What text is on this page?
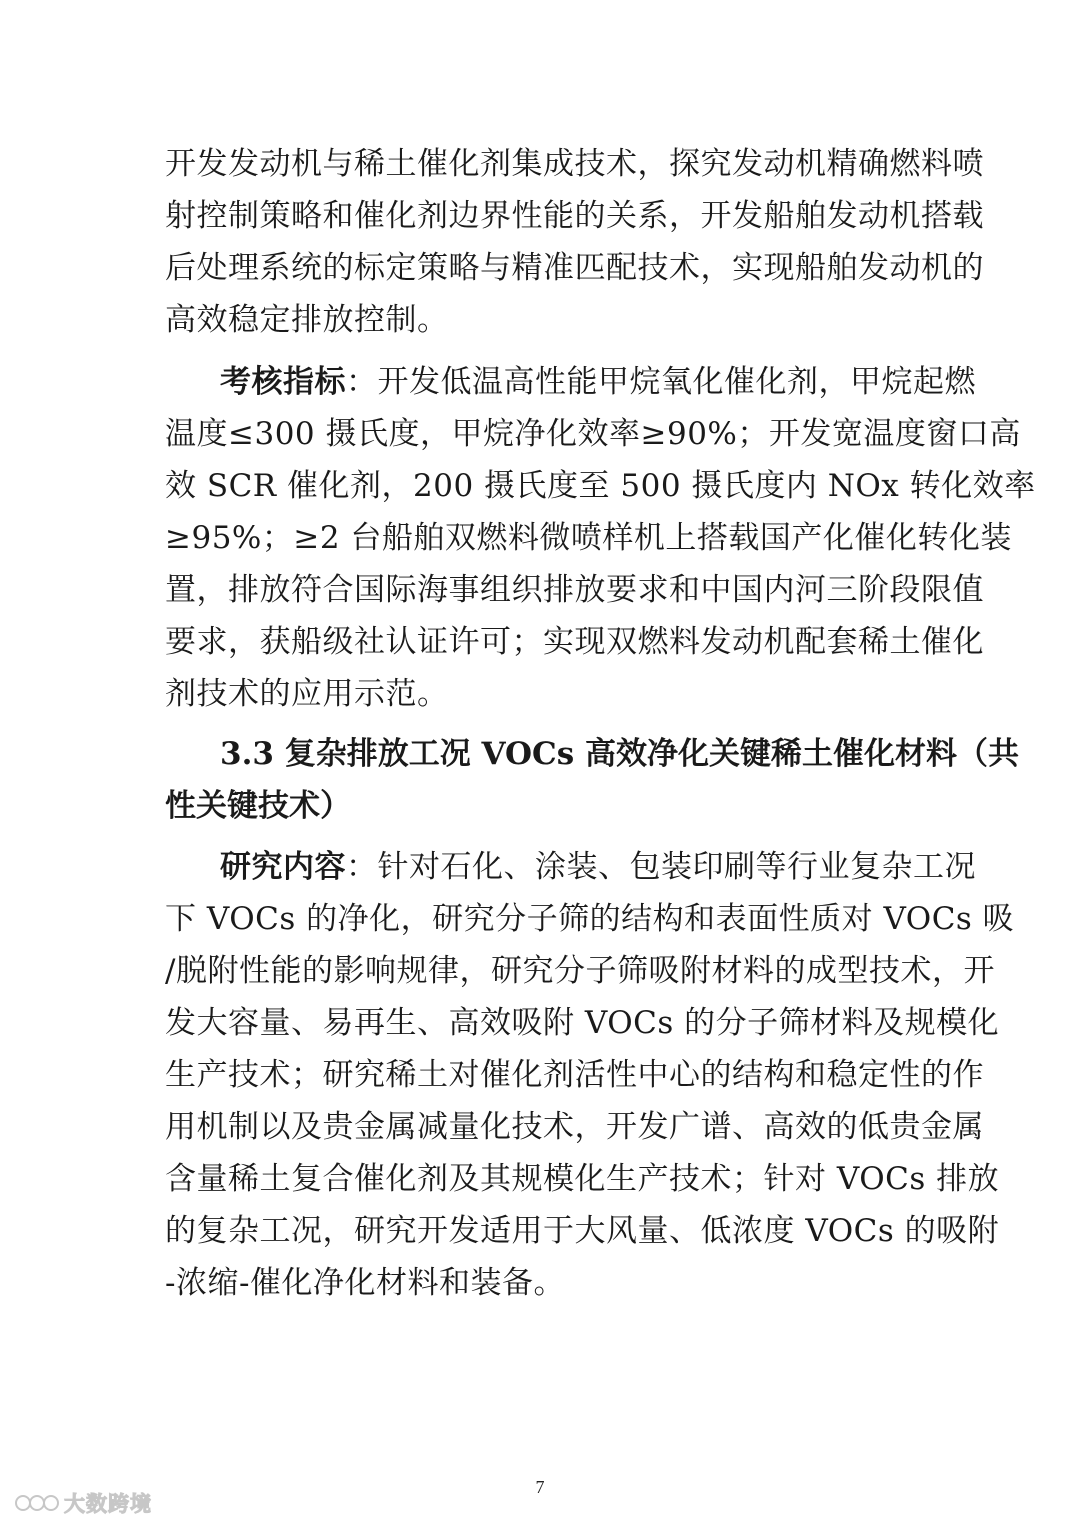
开发发动机与稀土催化剂集成技术，探究发动机精确燃料喷
射控制策略和催化剂边界性能的关系，开发船舶发动机搭载
后处理系统的标定策略与精准匹配技术，实现船舶发动机的
高效稳定排放控制。
考核指标：开发低温高性能甲烷氧化催化剂，甲烷起燃
温度≤300 摄氏度，甲烷净化效率≥90%；开发宽温度窗口高
效 SCR 催化剂，200 摄氏度至 500 摄氏度内 NOx 转化效率
≥95%；≥2 台船舶双燃料微喷样机上搭载国产化催化转化装
置，排放符合国际海事组织排放要求和中国内河三阶段限值
要求，获船级社认证许可；实现双燃料发动机配套稀土催化
剂技术的应用示范。
3.3 复杂排放工况 VOCs 高效净化关键稀土催化材料（共
性关键技术）
研究内容：针对石化、涂装、包装印刷等行业复杂工况
下 VOCs 的净化，研究分子筛的结构和表面性质对 VOCs 吸
/脱附性能的影响规律，研究分子筛吸附材料的成型技术，开
发大容量、易再生、高效吸附 VOCs 的分子筛材料及规模化
生产技术；研究稀土对催化剂活性中心的结构和稳定性的作
用机制以及贵金属减量化技术，开发广谱、高效的低贵金属
含量稀土复合催化剂及其规模化生产技术；针对 VOCs 排放
的复杂工况，研究开发适用于大风量、低浓度 VOCs 的吸附
-浓缩-催化净化材料和装备。
7
大数跨境
